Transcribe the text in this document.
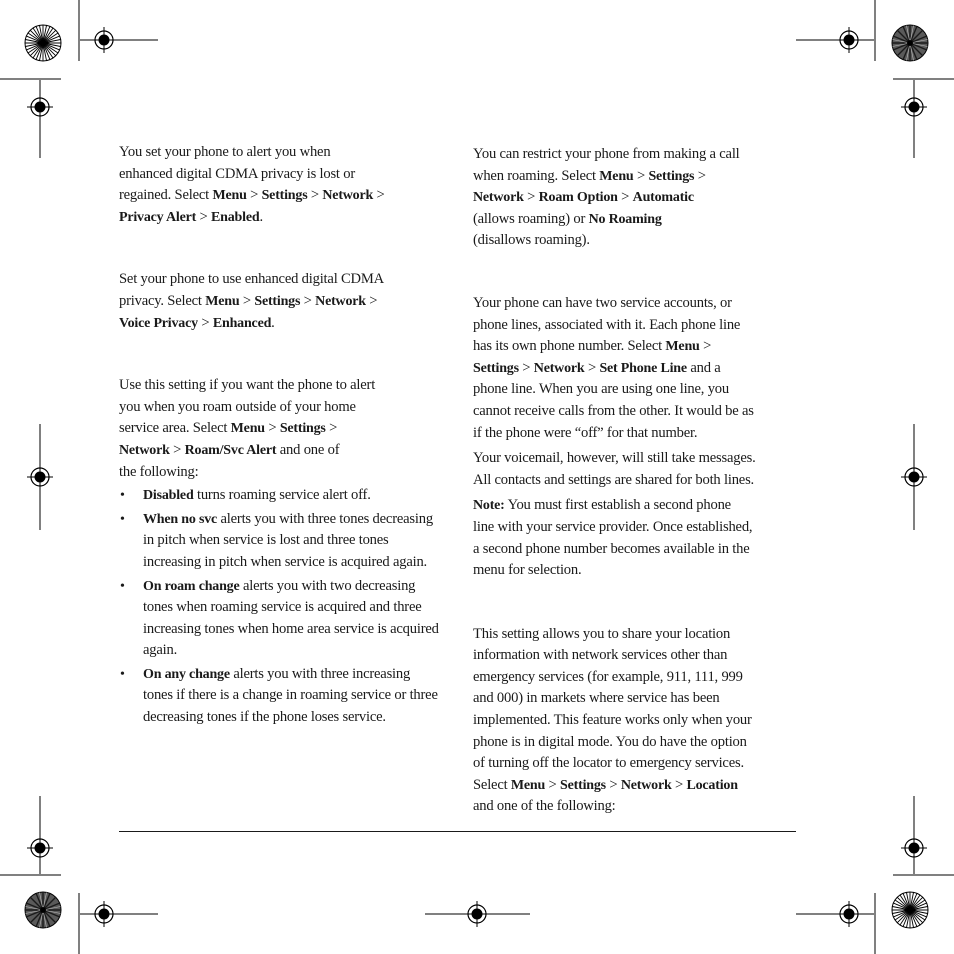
You set your phone to alert you when
enhanced digital CDMA privacy is lost or
regained. Select Menu > Settings > Network >
Privacy Alert > Enabled.

Set your phone to use enhanced digital CDMA
privacy. Select Menu > Settings > Network >
Voice Privacy > Enhanced.

Use this setting if you want the phone to alert
you when you roam outside of your home
service area. Select Menu > Settings >
Network > Roam/Svc Alert and one of
the following:

• Disabled turns roaming service alert off.
• When no svc alerts you with three tones decreasing in pitch when service is lost and three tones increasing in pitch when service is acquired again.
• On roam change alerts you with two decreasing tones when roaming service is acquired and three increasing tones when home area service is acquired again.
• On any change alerts you with three increasing tones if there is a change in roaming service or three decreasing tones if the phone loses service.

You can restrict your phone from making a call
when roaming. Select Menu > Settings >
Network > Roam Option > Automatic
(allows roaming) or No Roaming
(disallows roaming).

Your phone can have two service accounts, or
phone lines, associated with it. Each phone line
has its own phone number. Select Menu >
Settings > Network > Set Phone Line and a
phone line. When you are using one line, you
cannot receive calls from the other. It would be as
if the phone were “off” for that number.

Your voicemail, however, will still take messages.
All contacts and settings are shared for both lines.

Note: You must first establish a second phone
line with your service provider. Once established,
a second phone number becomes available in the
menu for selection.

This setting allows you to share your location
information with network services other than
emergency services (for example, 911, 111, 999
and 000) in markets where service has been
implemented. This feature works only when your
phone is in digital mode. You do have the option
of turning off the locator to emergency services.
Select Menu > Settings > Network > Location
and one of the following:
